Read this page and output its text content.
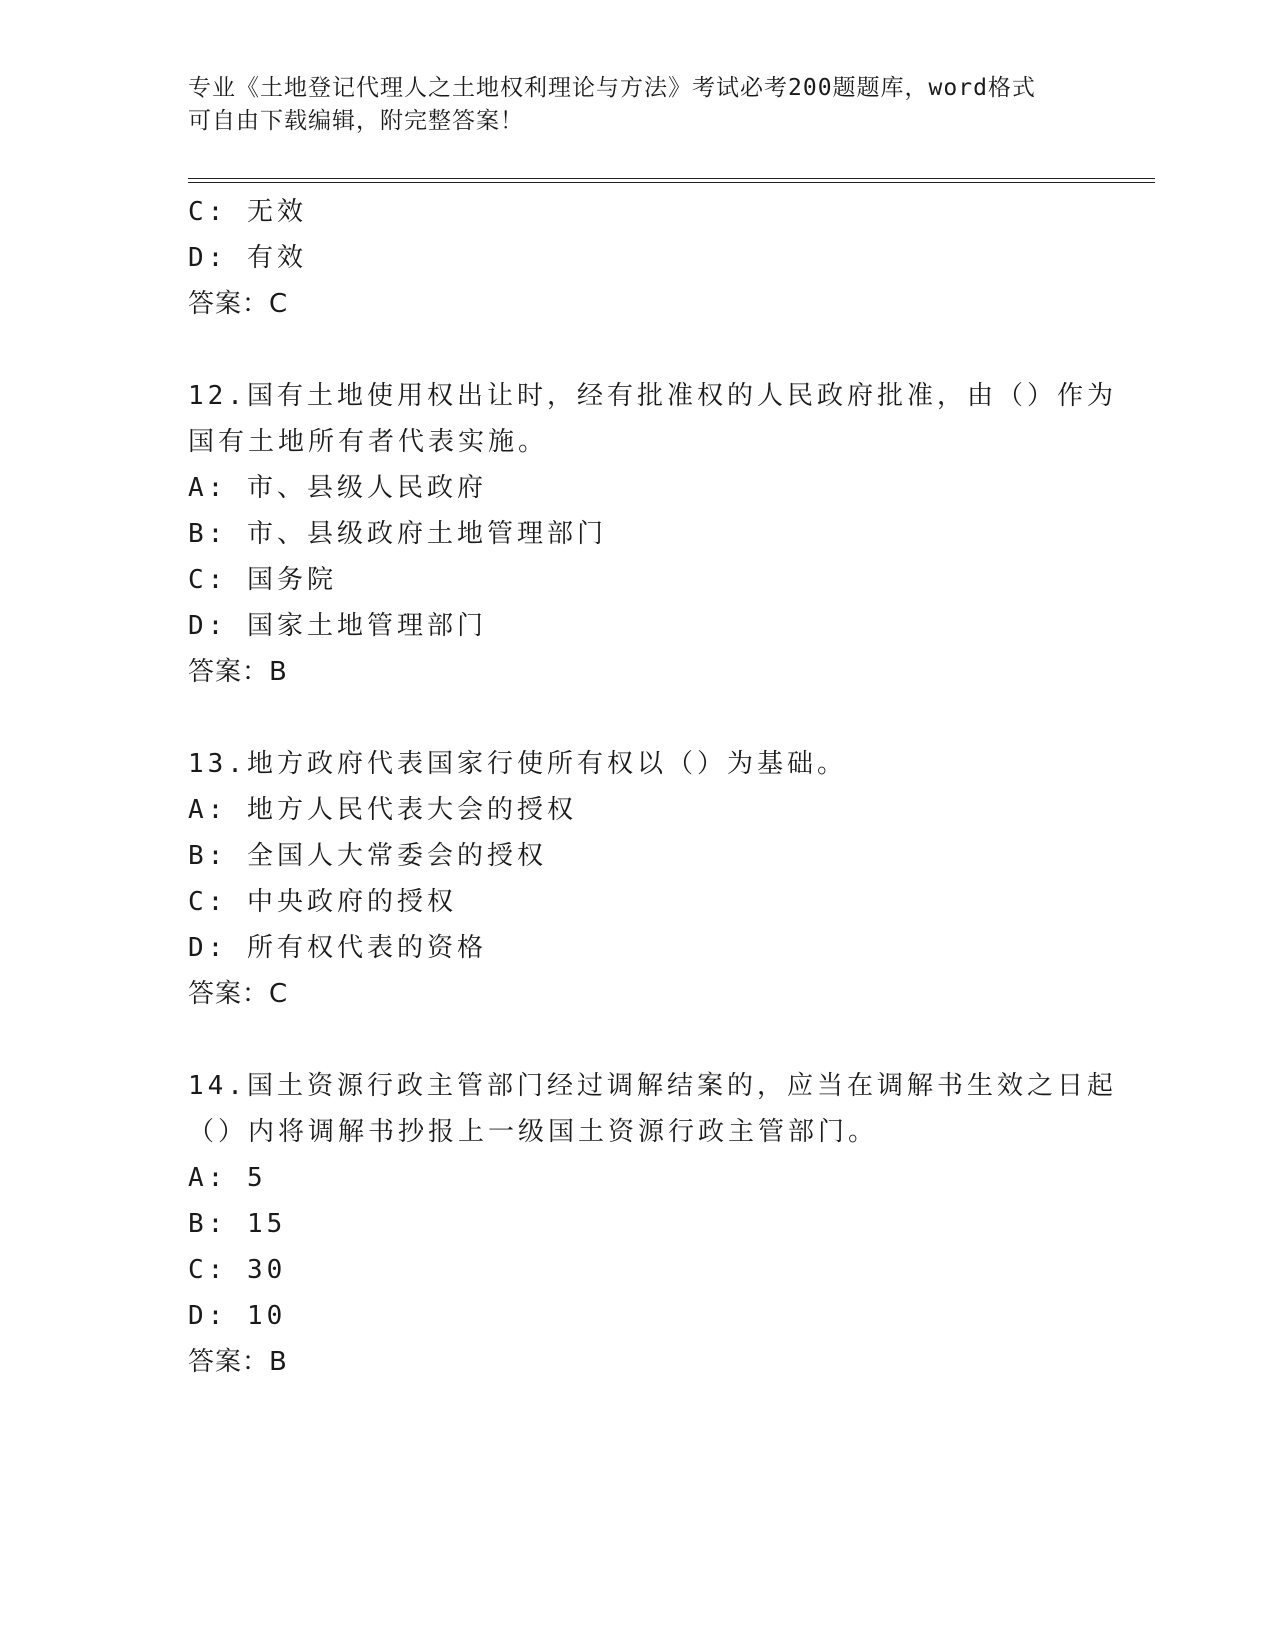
专业《土地登记代理人之土地权利理论与方法》考试必考200题题库，word格式
可自由下载编辑，附完整答案！
C: 无效
D: 有效
答案：C
12.国有土地使用权出让时，经有批准权的人民政府批准，由（）作为
国有土地所有者代表实施。
A: 市、县级人民政府
B: 市、县级政府土地管理部门
C: 国务院
D: 国家土地管理部门
答案：B
13.地方政府代表国家行使所有权以（）为基础。
A: 地方人民代表大会的授权
B: 全国人大常委会的授权
C: 中央政府的授权
D: 所有权代表的资格
答案：C
14.国土资源行政主管部门经过调解结案的，应当在调解书生效之日起
（）内将调解书抄报上一级国土资源行政主管部门。
A: 5
B: 15
C: 30
D: 10
答案：B
